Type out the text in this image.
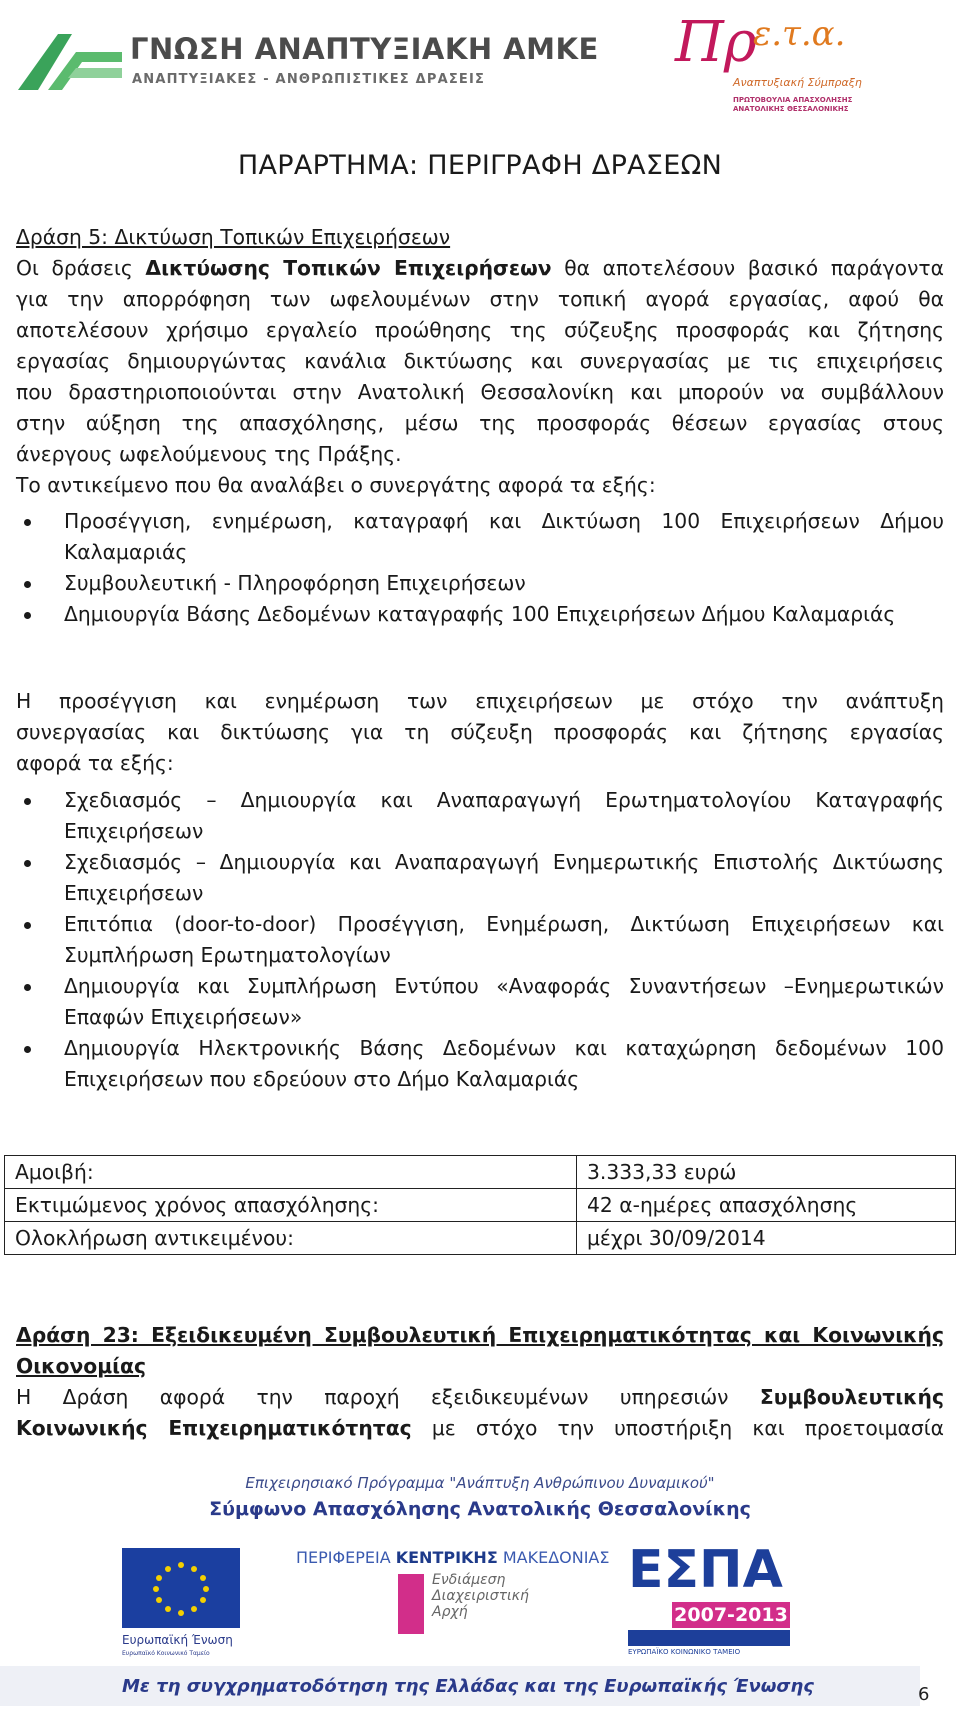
ΓΝΩΣΗ ΑΝΑΠΤΥΞΙΑΚΗ ΑΜΚΕ
ΑΝΑΠΤΥΞΙΑΚΕΣ - ΑΝΘΡΩΠΙΣΤΙΚΕΣ ΔΡΑΣΕΙΣ
Πρ
ε.τ.α.
Αναπτυξιακή Σύμπραξη
ΠΡΩΤΟΒΟΥΛΙΑ ΑΠΑΣΧΟΛΗΣΗΣ
ΑΝΑΤΟΛΙΚΗΣ ΘΕΣΣΑΛΟΝΙΚΗΣ
ΠΑΡΑΡΤΗΜΑ: ΠΕΡΙΓΡΑΦΗ ΔΡΑΣΕΩΝ
Δράση 5: Δικτύωση Τοπικών Επιχειρήσεων
Οι δράσεις Δικτύωσης Τοπικών Επιχειρήσεων θα αποτελέσουν βασικό παράγοντα
για την απορρόφηση των ωφελουμένων στην τοπική αγορά εργασίας, αφού θα
αποτελέσουν χρήσιμο εργαλείο προώθησης της σύζευξης προσφοράς και ζήτησης
εργασίας δημιουργώντας κανάλια δικτύωσης και συνεργασίας με τις επιχειρήσεις
που δραστηριοποιούνται στην Ανατολική Θεσσαλονίκη και μπορούν να συμβάλλουν
στην αύξηση της απασχόλησης, μέσω της προσφοράς θέσεων εργασίας στους
άνεργους ωφελούμενους της Πράξης.
Το αντικείμενο που θα αναλάβει ο συνεργάτης αφορά τα εξής:
Προσέγγιση, ενημέρωση, καταγραφή και Δικτύωση 100 Επιχειρήσεων Δήμου
Καλαμαριάς
Συμβουλευτική - Πληροφόρηση Επιχειρήσεων
Δημιουργία Βάσης Δεδομένων καταγραφής 100 Επιχειρήσεων Δήμου Καλαμαριάς
Η προσέγγιση και ενημέρωση των επιχειρήσεων με στόχο την ανάπτυξη
συνεργασίας και δικτύωσης για τη σύζευξη προσφοράς και ζήτησης εργασίας
αφορά τα εξής:
Σχεδιασμός – Δημιουργία και Αναπαραγωγή Ερωτηματολογίου Καταγραφής
Επιχειρήσεων
Σχεδιασμός – Δημιουργία και Αναπαραγωγή Ενημερωτικής Επιστολής Δικτύωσης
Επιχειρήσεων
Επιτόπια (door-to-door) Προσέγγιση, Ενημέρωση, Δικτύωση Επιχειρήσεων και
Συμπλήρωση Ερωτηματολογίων
Δημιουργία και Συμπλήρωση Εντύπου «Αναφοράς Συναντήσεων –Ενημερωτικών
Επαφών Επιχειρήσεων»
Δημιουργία Ηλεκτρονικής Βάσης Δεδομένων και καταχώρηση δεδομένων 100
Επιχειρήσεων που εδρεύουν στο Δήμο Καλαμαριάς
Αμοιβή:	3.333,33 ευρώ
Εκτιμώμενος χρόνος απασχόλησης:	42 α-ημέρες απασχόλησης
Ολοκλήρωση αντικειμένου:	μέχρι 30/09/2014
Δράση 23: Εξειδικευμένη Συμβουλευτική Επιχειρηματικότητας και Κοινωνικής
Οικονομίας
Η Δράση αφορά την παροχή εξειδικευμένων υπηρεσιών Συμβουλευτικής
Κοινωνικής Επιχειρηματικότητας με στόχο την υποστήριξη και προετοιμασία
Επιχειρησιακό Πρόγραμμα "Ανάπτυξη Ανθρώπινου Δυναμικού"
Σύμφωνο Απασχόλησης Ανατολικής Θεσσαλονίκης
Ευρωπαϊκή Ένωση
Ευρωπαϊκό Κοινωνικό Ταμείο
ΠΕΡΙΦΕΡΕΙΑ ΚΕΝΤΡΙΚΗΣ ΜΑΚΕΔΟΝΙΑΣ
Ενδιάμεση
Διαχειριστική
Αρχή
ΕΣΠΑ
2007-2013
ΕΥΡΩΠΑΪΚΟ ΚΟΙΝΩΝΙΚΟ ΤΑΜΕΙΟ
Με τη συγχρηματοδότηση της Ελλάδας και της Ευρωπαϊκής Ένωσης	6
